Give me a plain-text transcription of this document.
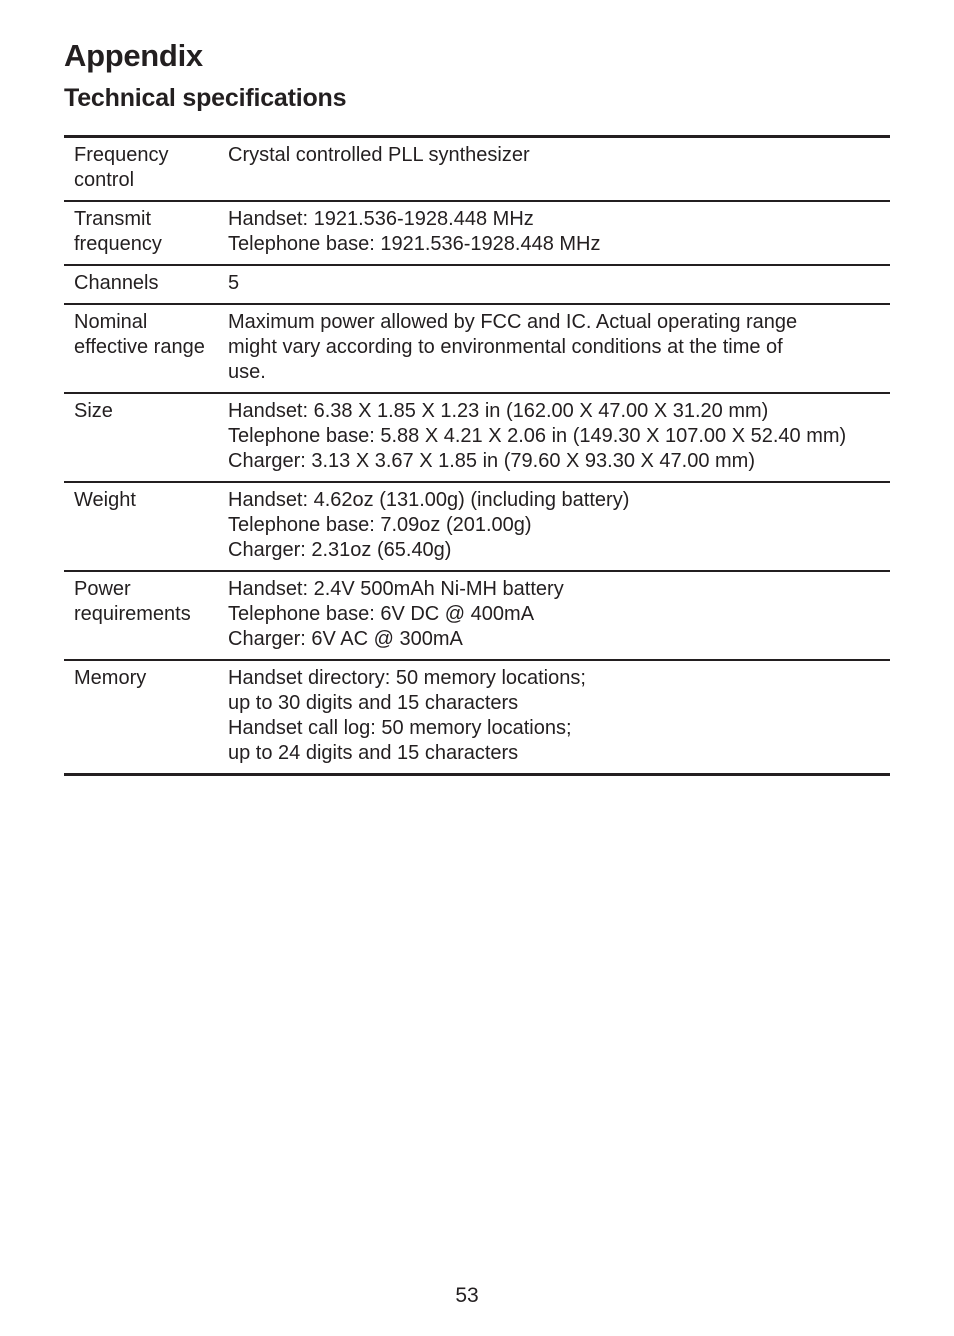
Appendix
Technical specifications
Frequency
control	Crystal controlled PLL synthesizer

Transmit
frequency	Handset: 1921.536-1928.448 MHz
Telephone base: 1921.536-1928.448 MHz

Channels	5

Nominal
effective range	Maximum power allowed by FCC and IC. Actual operating range
might vary according to environmental conditions at the time of
use.

Size	Handset: 6.38 X 1.85 X 1.23 in (162.00 X 47.00 X 31.20 mm)
Telephone base: 5.88 X 4.21 X 2.06 in (149.30 X 107.00 X 52.40 mm)
Charger: 3.13 X 3.67 X 1.85 in (79.60 X 93.30 X 47.00 mm)

Weight	Handset: 4.62oz (131.00g) (including battery)
Telephone base: 7.09oz (201.00g)
Charger: 2.31oz (65.40g)

Power
requirements	Handset: 2.4V 500mAh Ni-MH battery
Telephone base: 6V DC @ 400mA
Charger: 6V AC @ 300mA

Memory	Handset directory: 50 memory locations;
up to 30 digits and 15 characters
Handset call log: 50 memory locations;
up to 24 digits and 15 characters
53
